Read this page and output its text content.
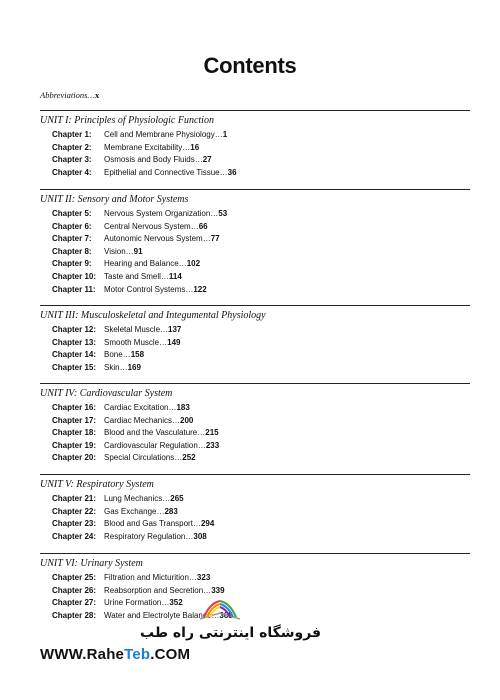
Contents
Abbreviations…x
UNIT I: Principles of Physiologic Function
Chapter 1: Cell and Membrane Physiology…1
Chapter 2: Membrane Excitability…16
Chapter 3: Osmosis and Body Fluids…27
Chapter 4: Epithelial and Connective Tissue…36
UNIT II: Sensory and Motor Systems
Chapter 5: Nervous System Organization…53
Chapter 6: Central Nervous System…66
Chapter 7: Autonomic Nervous System…77
Chapter 8: Vision…91
Chapter 9: Hearing and Balance…102
Chapter 10: Taste and Smell…114
Chapter 11: Motor Control Systems…122
UNIT III: Musculoskeletal and Integumental Physiology
Chapter 12: Skeletal Muscle…137
Chapter 13: Smooth Muscle…149
Chapter 14: Bone…158
Chapter 15: Skin…169
UNIT IV: Cardiovascular System
Chapter 16: Cardiac Excitation…183
Chapter 17: Cardiac Mechanics…200
Chapter 18: Blood and the Vasculature…215
Chapter 19: Cardiovascular Regulation…233
Chapter 20: Special Circulations…252
UNIT V: Respiratory System
Chapter 21: Lung Mechanics…265
Chapter 22: Gas Exchange…283
Chapter 23: Blood and Gas Transport…294
Chapter 24: Respiratory Regulation…308
UNIT VI: Urinary System
Chapter 25: Filtration and Micturition…323
Chapter 26: Reabsorption and Secretion…339
Chapter 27: Urine Formation…352
Chapter 28: Water and Electrolyte Balance…368
فروشگاه اینترنتی راه طب
WWW.RaheTeb.COM
